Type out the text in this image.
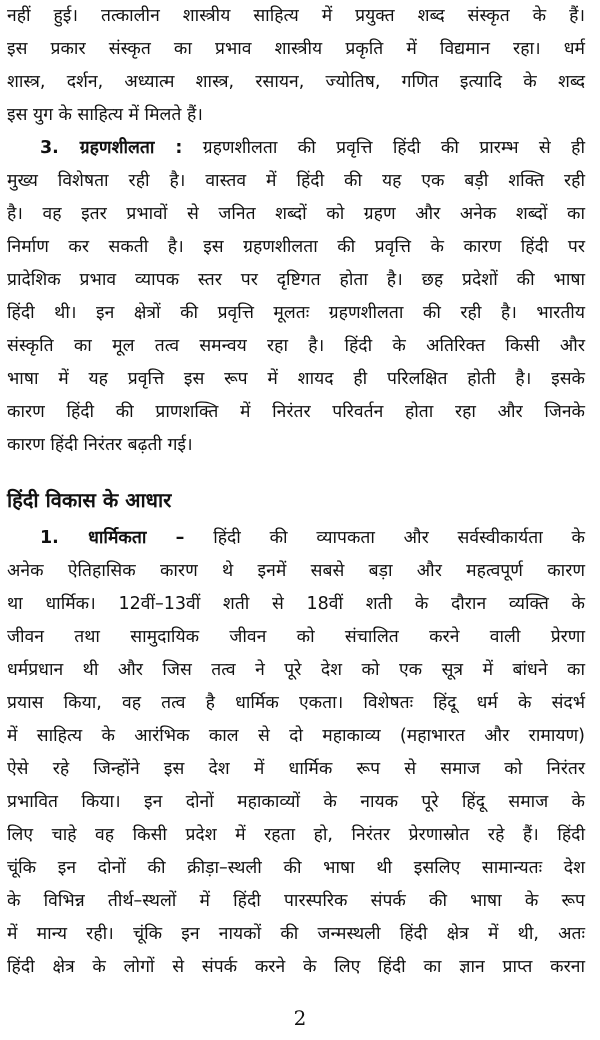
नहीं हुई। तत्कालीन शास्त्रीय साहित्य में प्रयुक्त शब्द संस्कृत के हैं।
इस प्रकार संस्कृत का प्रभाव शास्त्रीय प्रकृति में विद्यमान रहा। धर्म
शास्त्र, दर्शन, अध्यात्म शास्त्र, रसायन, ज्योतिष, गणित इत्यादि के शब्द
इस युग के साहित्य में मिलते हैं।

3. ग्रहणशीलता : ग्रहणशीलता की प्रवृत्ति हिंदी की प्रारम्भ से ही
मुख्य विशेषता रही है। वास्तव में हिंदी की यह एक बड़ी शक्ति रही
है। वह इतर प्रभावों से जनित शब्दों को ग्रहण और अनेक शब्दों का
निर्माण कर सकती है। इस ग्रहणशीलता की प्रवृत्ति के कारण हिंदी पर
प्रादेशिक प्रभाव व्यापक स्तर पर दृष्टिगत होता है। छह प्रदेशों की भाषा
हिंदी थी। इन क्षेत्रों की प्रवृत्ति मूलतः ग्रहणशीलता की रही है। भारतीय
संस्कृति का मूल तत्व समन्वय रहा है। हिंदी के अतिरिक्त किसी और
भाषा में यह प्रवृत्ति इस रूप में शायद ही परिलक्षित होती है। इसके
कारण हिंदी की प्राणशक्ति में निरंतर परिवर्तन होता रहा और जिनके
कारण हिंदी निरंतर बढ़ती गई।

हिंदी विकास के आधार

1. धार्मिकता – हिंदी की व्यापकता और सर्वस्वीकार्यता के
अनेक ऐतिहासिक कारण थे इनमें सबसे बड़ा और महत्वपूर्ण कारण
था धार्मिक। 12वीं–13वीं शती से 18वीं शती के दौरान व्यक्ति के
जीवन तथा सामुदायिक जीवन को संचालित करने वाली प्रेरणा
धर्मप्रधान थी और जिस तत्व ने पूरे देश को एक सूत्र में बांधने का
प्रयास किया, वह तत्व है धार्मिक एकता। विशेषतः हिंदू धर्म के संदर्भ
में साहित्य के आरंभिक काल से दो महाकाव्य (महाभारत और रामायण)
ऐसे रहे जिन्होंने इस देश में धार्मिक रूप से समाज को निरंतर
प्रभावित किया। इन दोनों महाकाव्यों के नायक पूरे हिंदू समाज के
लिए चाहे वह किसी प्रदेश में रहता हो, निरंतर प्रेरणास्रोत रहे हैं। हिंदी
चूंकि इन दोनों की क्रीड़ा–स्थली की भाषा थी इसलिए सामान्यतः देश
के विभिन्न तीर्थ–स्थलों में हिंदी पारस्परिक संपर्क की भाषा के रूप
में मान्य रही। चूंकि इन नायकों की जन्मस्थली हिंदी क्षेत्र में थी, अतः
हिंदी क्षेत्र के लोगों से संपर्क करने के लिए हिंदी का ज्ञान प्राप्त करना

2
